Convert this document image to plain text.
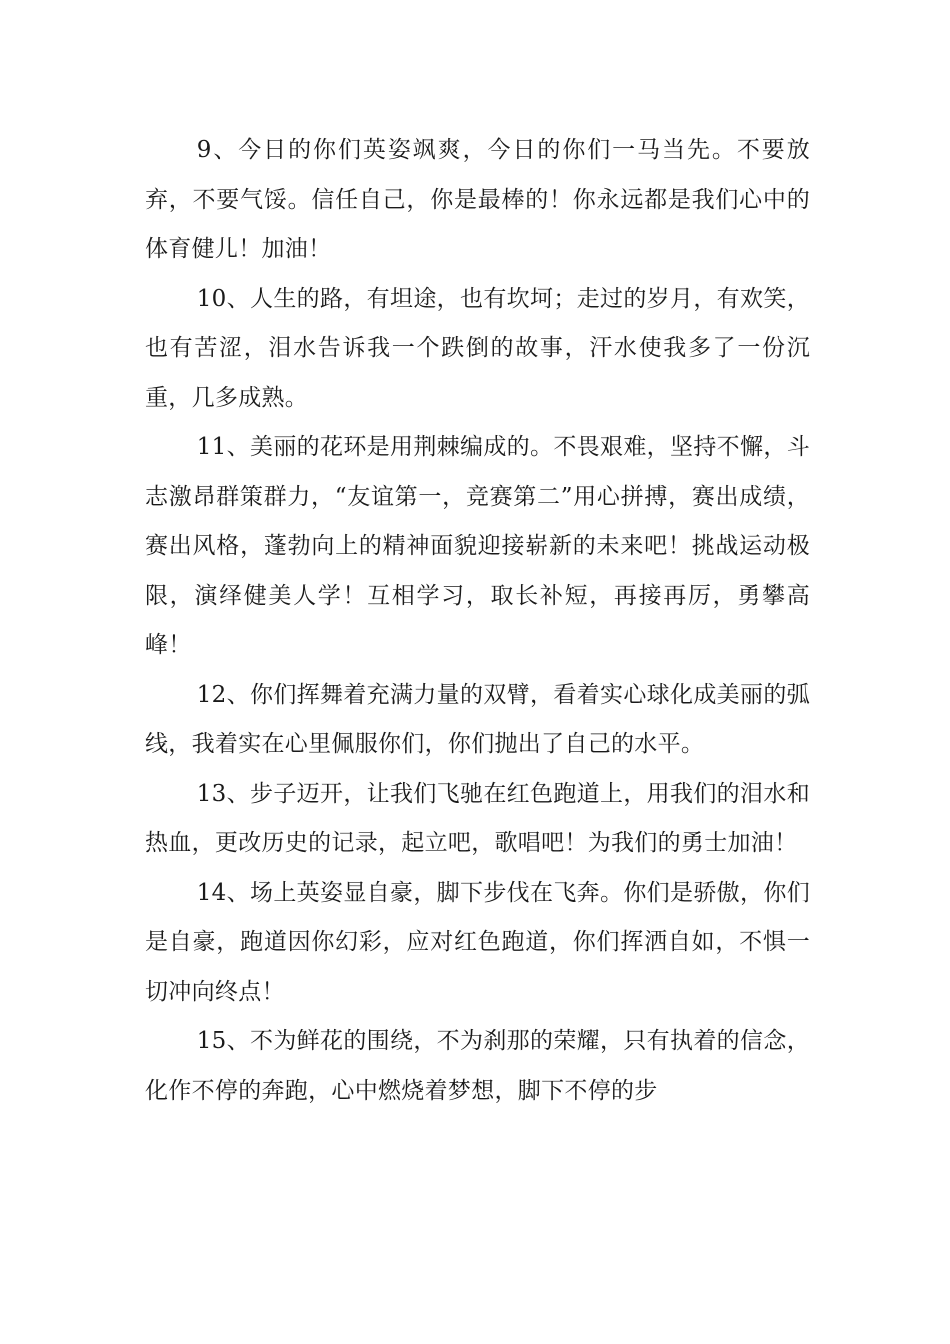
9、今日的你们英姿飒爽，今日的你们一马当先。不要放弃，不要气馁。信任自己，你是最棒的！你永远都是我们心中的体育健儿！加油！

10、人生的路，有坦途，也有坎坷；走过的岁月，有欢笑，也有苦涩，泪水告诉我一个跌倒的故事，汗水使我多了一份沉重，几多成熟。

11、美丽的花环是用荆棘编成的。不畏艰难，坚持不懈，斗志激昂群策群力，“友谊第一，竞赛第二”用心拼搏，赛出成绩，赛出风格，蓬勃向上的精神面貌迎接崭新的未来吧！挑战运动极限，演绎健美人学！互相学习，取长补短，再接再厉，勇攀高峰！

12、你们挥舞着充满力量的双臂，看着实心球化成美丽的弧线，我着实在心里佩服你们，你们抛出了自己的水平。

13、步子迈开，让我们飞驰在红色跑道上，用我们的泪水和热血，更改历史的记录，起立吧，歌唱吧！为我们的勇士加油！

14、场上英姿显自豪，脚下步伐在飞奔。你们是骄傲，你们是自豪，跑道因你幻彩，应对红色跑道，你们挥洒自如，不惧一切冲向终点！

15、不为鲜花的围绕，不为刹那的荣耀，只有执着的信念，化作不停的奔跑，心中燃烧着梦想，脚下不停的步
